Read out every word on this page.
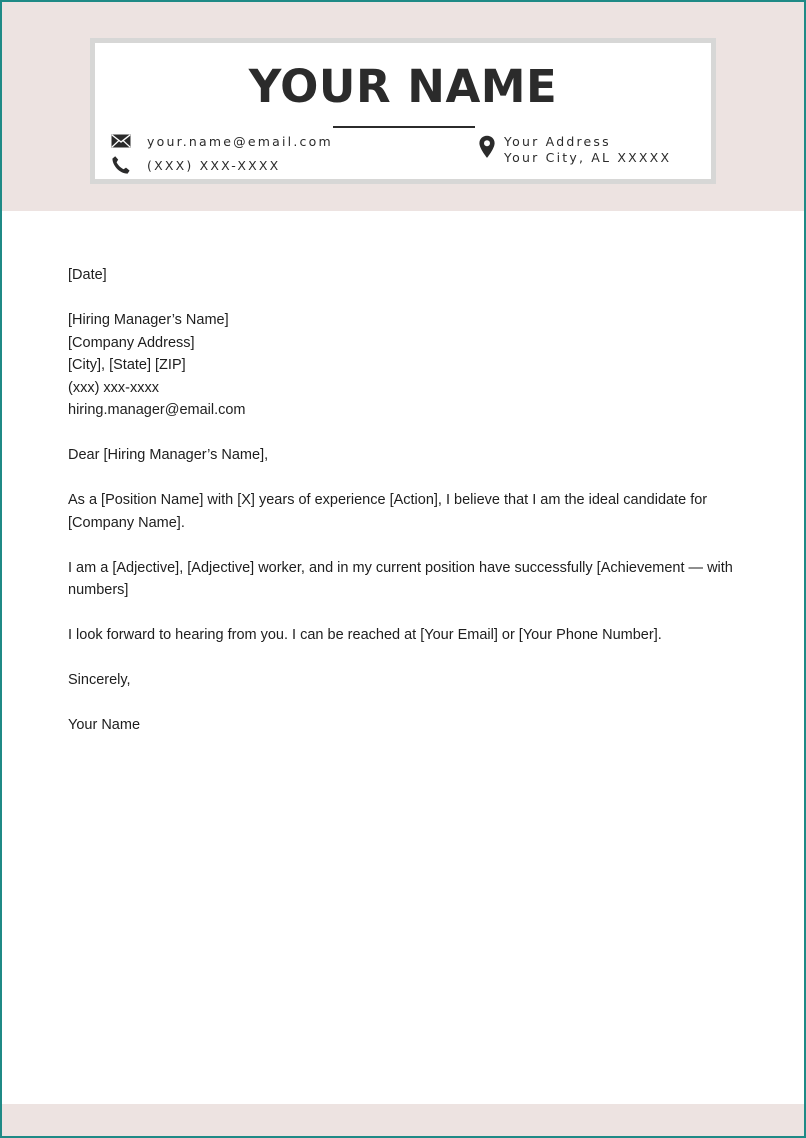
YOUR NAME
your.name@email.com
(XXX) XXX-XXXX
Your Address
Your City, AL XXXXX

[Date]

[Hiring Manager’s Name]
[Company Address]
[City], [State] [ZIP]
(xxx) xxx-xxxx
hiring.manager@email.com

Dear [Hiring Manager’s Name],

As a [Position Name] with [X] years of experience [Action], I believe that I am the ideal candidate for [Company Name].

I am a [Adjective], [Adjective] worker, and in my current position have successfully [Achievement — with numbers]

I look forward to hearing from you. I can be reached at [Your Email] or [Your Phone Number].

Sincerely,

Your Name
